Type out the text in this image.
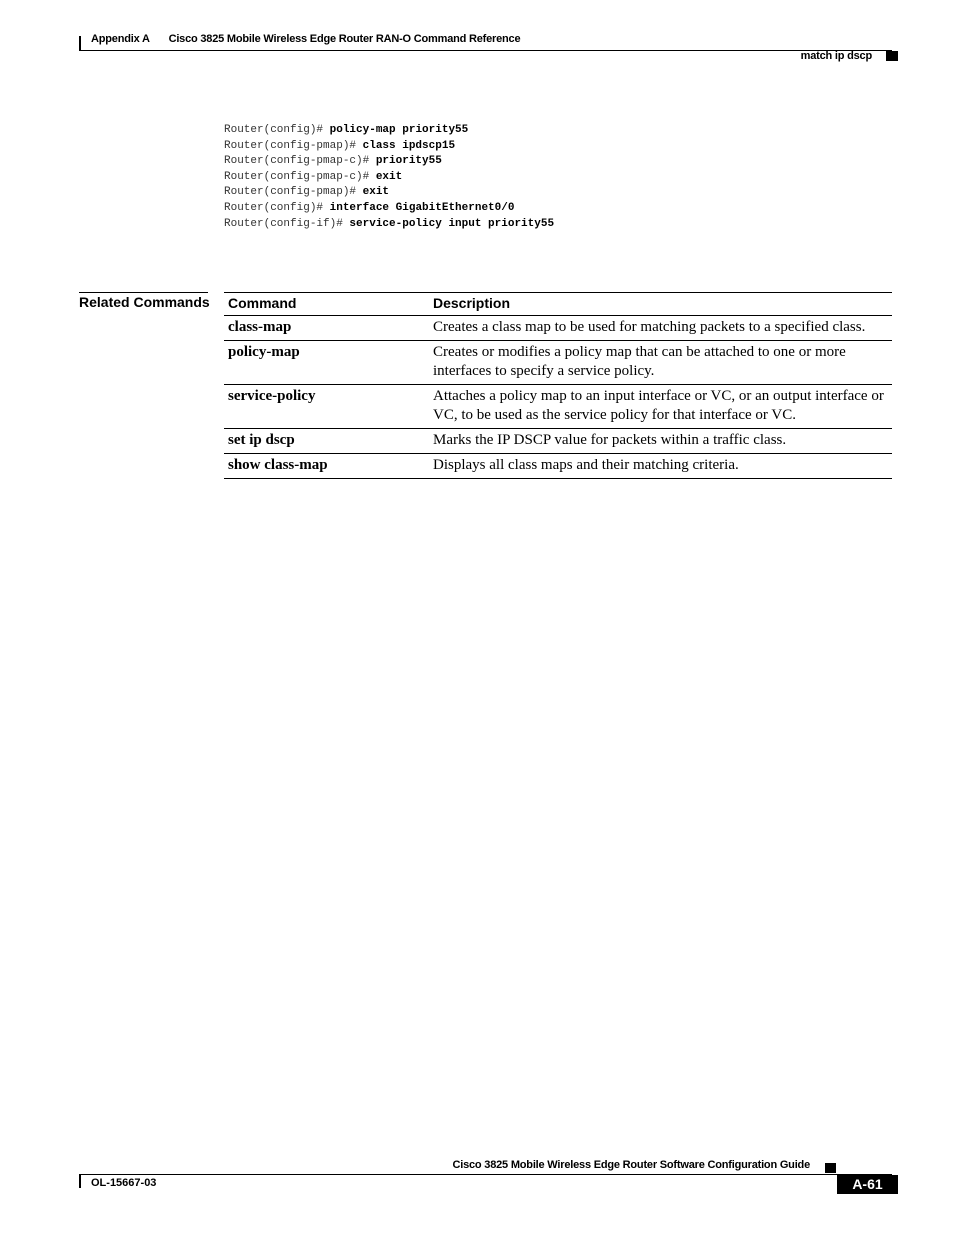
Appendix A Cisco 3825 Mobile Wireless Edge Router RAN-O Command Reference
match ip dscp
Router(config)# policy-map priority55
Router(config-pmap)# class ipdscp15
Router(config-pmap-c)# priority55
Router(config-pmap-c)# exit
Router(config-pmap)# exit
Router(config)# interface GigabitEthernet0/0
Router(config-if)# service-policy input priority55
Related Commands Command	Description
class-map	Creates a class map to be used for matching packets to a specified class.
policy-map	Creates or modifies a policy map that can be attached to one or more interfaces to specify a service policy.
service-policy	Attaches a policy map to an input interface or VC, or an output interface or VC, to be used as the service policy for that interface or VC.
set ip dscp	Marks the IP DSCP value for packets within a traffic class.
show class-map	Displays all class maps and their matching criteria.
Cisco 3825 Mobile Wireless Edge Router Software Configuration Guide
OL-15667-03	A-61
